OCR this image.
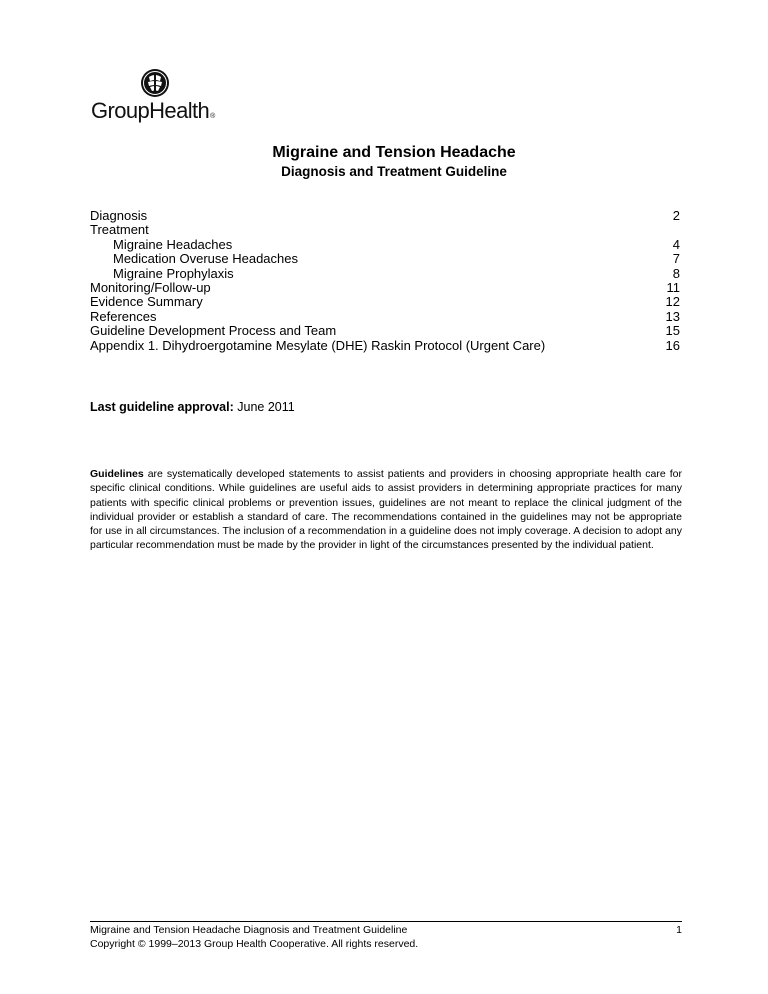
GroupHealth®
Migraine and Tension Headache
Diagnosis and Treatment Guideline
Diagnosis	2
Treatment
Migraine Headaches	4
Medication Overuse Headaches	7
Migraine Prophylaxis	8
Monitoring/Follow-up	11
Evidence Summary	12
References	13
Guideline Development Process and Team	15
Appendix 1. Dihydroergotamine Mesylate (DHE) Raskin Protocol (Urgent Care)	16
Last guideline approval: June 2011
Guidelines are systematically developed statements to assist patients and providers in choosing appropriate health care for specific clinical conditions. While guidelines are useful aids to assist providers in determining appropriate practices for many patients with specific clinical problems or prevention issues, guidelines are not meant to replace the clinical judgment of the individual provider or establish a standard of care. The recommendations contained in the guidelines may not be appropriate for use in all circumstances. The inclusion of a recommendation in a guideline does not imply coverage. A decision to adopt any particular recommendation must be made by the provider in light of the circumstances presented by the individual patient.
Migraine and Tension Headache Diagnosis and Treatment Guideline	1
Copyright © 1999–2013 Group Health Cooperative. All rights reserved.
